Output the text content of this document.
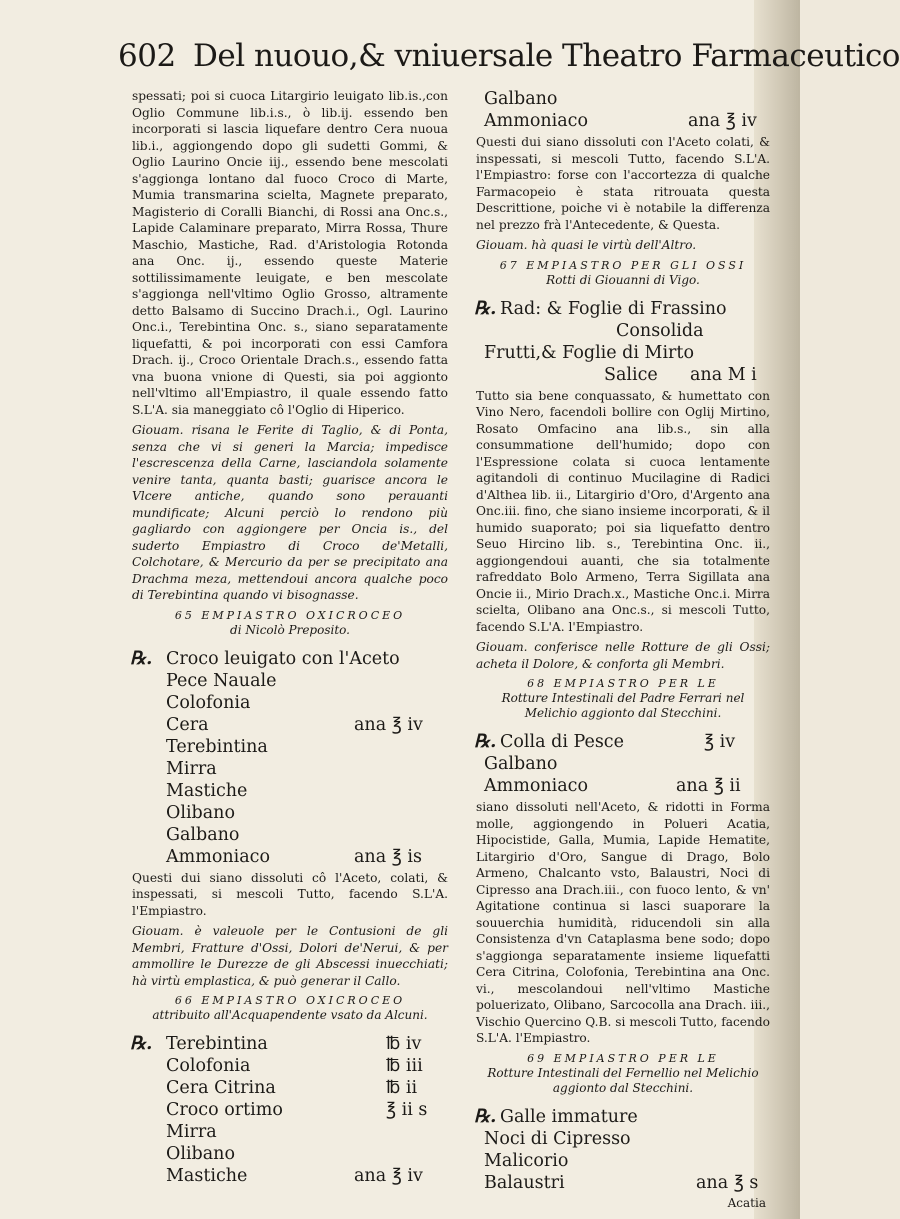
602 Del nuouo,& vniuersale Theatro Farmaceutico

spessati; poi si cuoca Litargirio leuigato lib.is.,con Oglio Commune lib.i.s., ò lib.ij. essendo ben incorporati si lascia liquefare dentro Cera nuoua lib.i., aggiongendo dopo gli sudetti Gommi, & Oglio Laurino Oncie iij., essendo bene mescolati s'aggionga lontano dal fuoco Croco di Marte, Mumia transmarina scielta, Magnete preparato, Magisterio di Coralli Bianchi, di Rossi ana Onc.s., Lapide Calaminare preparato, Mirra Rossa, Thure Maschio, Mastiche, Rad. d'Aristologia Rotonda ana Onc. ij., essendo queste Materie sottilissimamente leuigate, e ben mescolate s'aggionga nell'vltimo Oglio Grosso, altramente detto Balsamo di Succino Drach.i., Ogl. Laurino Onc.i., Terebintina Onc. s., siano separatamente liquefatti, & poi incorporati con essi Camfora Drach. ij., Croco Orientale Drach.s., essendo fatta vna buona vnione di Questi, sia poi aggionto nell'vltimo all'Empiastro, il quale essendo fatto S.L'A. sia maneggiato cô l'Oglio di Hiperico.

Giouam. risana le Ferite di Taglio, & di Ponta, senza che vi si generi la Marcia; impedisce l'escrescenza della Carne, lasciandola solamente venire tanta, quanta basti; guarisce ancora le Vlcere antiche, quando sono perauanti mundificate; Alcuni perciò lo rendono più gagliardo con aggiongere per Oncia is., del suderto Empiastro di Croco de'Metalli, Colchotare, & Mercurio da per se precipitato ana Drachma meza, mettendoui ancora qualche poco di Terebintina quando vi bisognasse.

65 EMPIASTRO OXICROCEO
di Nicolò Preposito.
℞. Croco leuigato con l'Aceto
Pece Nauale
Colofonia
Cera	ana ℥ iv
Terebintina
Mirra
Mastiche
Olibano
Galbano
Ammoniaco	ana ℥ is

Questi dui siano dissoluti cô l'Aceto, colati, & inspessati, si mescoli Tutto, facendo S.L'A. l'Empiastro.

Giouam. è valeuole per le Contusioni de gli Membri, Fratture d'Ossi, Dolori de'Nerui, & per ammollire le Durezze de gli Abscessi inuecchiati; hà virtù emplastica, & può generar il Callo.

66 EMPIASTRO OXICROCEO
attribuito all'Acquapendente vsato da Alcuni.
℞. Terebintina	℔ iv
Colofonia	℔ iii
Cera Citrina	℔ ii
Croco ortimo	℥ ii s
Mirra
Olibano
Mastiche	ana ℥ iv
Galbano
Ammoniaco	ana ℥ iv

Questi dui siano dissoluti con l'Aceto colati, & inspessati, si mescoli Tutto, facendo S.L'A. l'Empiastro: forse con l'accortezza di qualche Farmacopeio è stata ritrouata questa Descrittione, poiche vi è notabile la differenza nel prezzo frà l'Antecedente, & Questa.

Giouam. hà quasi le virtù dell'Altro.

67 EMPIASTRO PER GLI OSSI
Rotti di Giouanni di Vigo.
℞. Rad: & Foglie di Frassino
Consolida
Frutti,& Foglie di Mirto
Salice ana M i

Tutto sia bene conquassato, & humettato con Vino Nero, facendoli bollire con Oglij Mirtino, Rosato Omfacino ana lib.s., sin alla consummatione dell'humido; dopo con l'Espressione colata si cuoca lentamente agitandoli di continuo Mucilagine di Radici d'Althea lib. ii., Litargirio d'Oro, d'Argento ana Onc.iii. fino, che siano insieme incorporati, & il humido suaporato; poi sia liquefatto dentro Seuo Hircino lib. s., Terebintina Onc. ii., aggiongendoui auanti, che sia totalmente rafreddato Bolo Armeno, Terra Sigillata ana Oncie ii., Mirio Drach.x., Mastiche Onc.i. Mirra scielta, Olibano ana Onc.s., si mescoli Tutto, facendo S.L'A. l'Empiastro.

Giouam. conferisce nelle Rotture de gli Ossi; acheta il Dolore, & conforta gli Membri.

68 EMPIASTRO PER LE
Rotture Intestinali del Padre Ferrari nel Melichio aggionto dal Stecchini.
℞. Colla di Pesce	℥ iv
Galbano
Ammoniaco	ana ℥ ii

siano dissoluti nell'Aceto, & ridotti in Forma molle, aggiongendo in Polueri Acatia, Hipocistide, Galla, Mumia, Lapide Hematite, Litargirio d'Oro, Sangue di Drago, Bolo Armeno, Chalcanto vsto, Balaustri, Noci di Cipresso ana Drach.iii., con fuoco lento, & vn' Agitatione continua si lasci suaporare la souuerchia humidità, riducendoli sin alla Consistenza d'vn Cataplasma bene sodo; dopo s'aggionga separatamente insieme liquefatti Cera Citrina, Colofonia, Terebintina ana Onc. vi., mescolandoui nell'vltimo Mastiche poluerizato, Olibano, Sarcocolla ana Drach. iii., Vischio Quercino Q.B. si mescoli Tutto, facendo S.L'A. l'Empiastro.

69 EMPIASTRO PER LE
Rotture Intestinali del Fernellio nel Melichio aggionto dal Stecchini.
℞. Galle immature
Noci di Cipresso
Malicorio
Balaustri	ana ℥ s
Acatia
